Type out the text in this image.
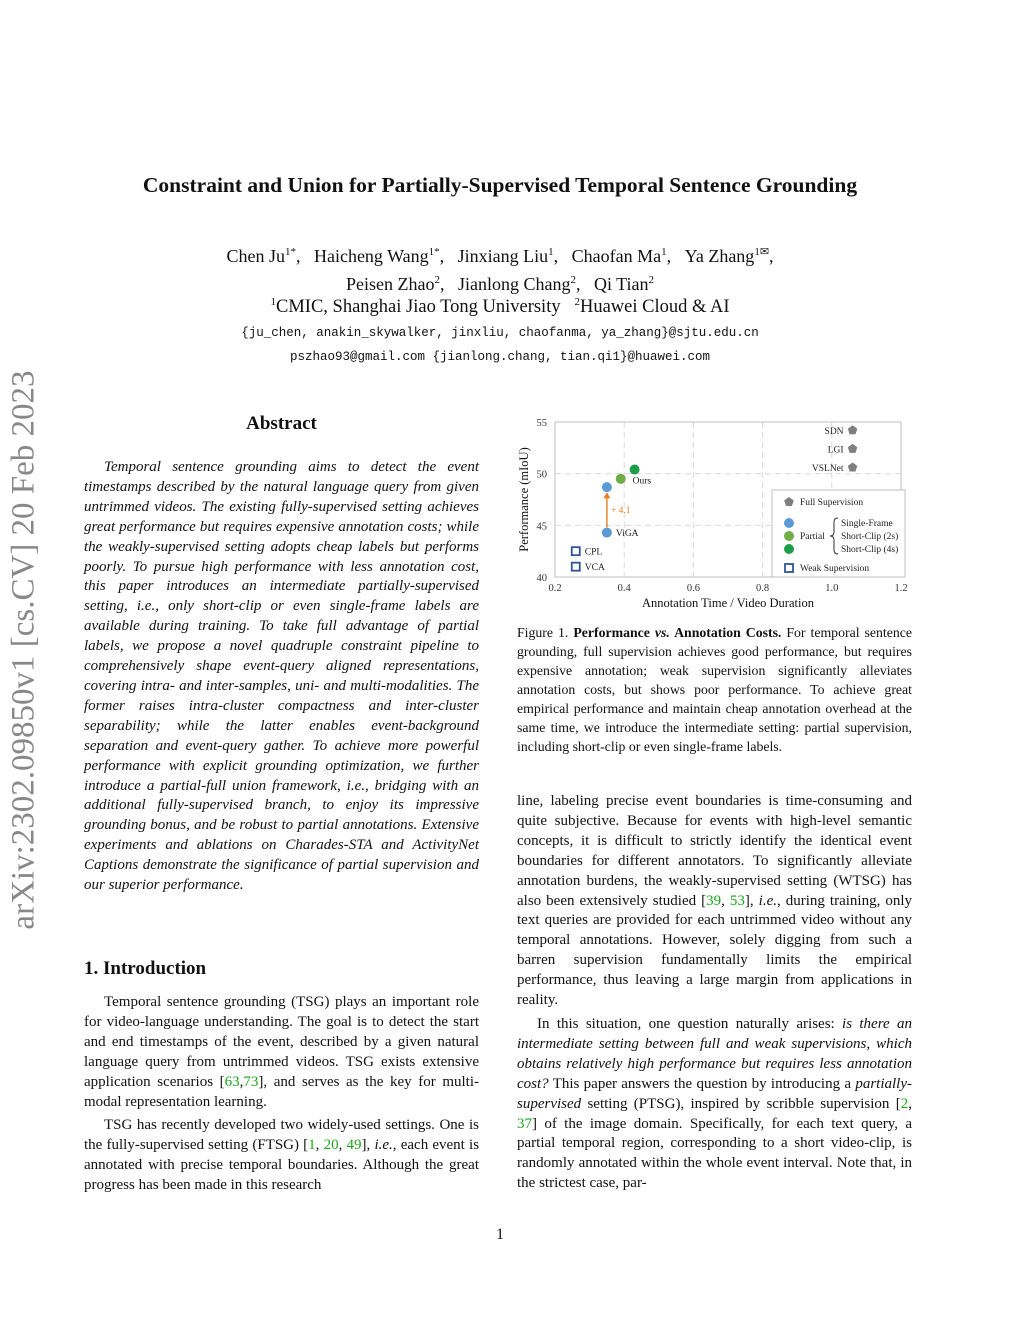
arXiv:2302.09850v1 [cs.CV] 20 Feb 2023
Constraint and Union for Partially-Supervised Temporal Sentence Grounding
Chen $Ju^{1*}$,   Haicheng Wang$^{1*}$,   Jinxiang Liu$^1$,   Chaofan Ma$^1$,   Ya Zhang$^{1✉}$,
Peisen Zhao$^2$,   Jianlong Chang$^2$,   Qi Tian$^2$
$^1$CMIC, Shanghai Jiao Tong University $^2$Huawei Cloud & AI
{ju_chen, anakin_skywalker, jinxliu, chaofanma, ya_zhang}@sjtu.edu.cn
pszhao93@gmail.com {jianlong.chang, tian.qi1}@huawei.com
Abstract

Temporal sentence grounding aims to detect the event timestamps described by the natural language query from given untrimmed videos. The existing fully-supervised setting achieves great performance but requires expensive annotation costs; while the weakly-supervised setting adopts cheap labels but performs poorly. To pursue high performance with less annotation cost, this paper introduces an intermediate partially-supervised setting, i.e., only short-clip or even single-frame labels are available during training. To take full advantage of partial labels, we propose a novel quadruple constraint pipeline to comprehensively shape event-query aligned representations, covering intra- and inter-samples, uni- and multi-modalities. The former raises intra-cluster compactness and inter-cluster separability; while the latter enables event-background separation and event-query gather. To achieve more powerful performance with explicit grounding optimization, we further introduce a partial-full union framework, i.e., bridging with an additional fully-supervised branch, to enjoy its impressive grounding bonus, and be robust to partial annotations. Extensive experiments and ablations on Charades-STA and ActivityNet Captions demonstrate the significance of partial supervision and our superior performance.

1. Introduction

Temporal sentence grounding (TSG) plays an important role for video-language understanding. The goal is to detect the start and end timestamps of the event, described by a given natural language query from untrimmed videos. TSG exists extensive application scenarios [63,73], and serves as the key for multi-modal representation learning.

TSG has recently developed two widely-used settings. One is the fully-supervised setting (FTSG) [1, 20, 49], i.e., each event is annotated with precise temporal boundaries. Although the great progress has been made in this research

0.2	0.4	0.6	0.8	1.0	1.2
40
45
50
55
Annotation Time / Video Duration
Performance (mIoU)	Full Supervision
Partial
Single-Frame
Short-Clip (2s)
Short-Clip (4s)
Weak Supervision
+ 4.1
SDN
LGI
VSLNet
Ours
ViGA
CPL
VCA
Figure 1. Performance vs. Annotation Costs. For temporal sentence grounding, full supervision achieves good performance, but requires expensive annotation; weak supervision significantly alleviates annotation costs, but shows poor performance. To achieve great empirical performance and maintain cheap annotation overhead at the same time, we introduce the intermediate setting: partial supervision, including short-clip or even single-frame labels.

line, labeling precise event boundaries is time-consuming and quite subjective. Because for events with high-level semantic concepts, it is difficult to strictly identify the identical event boundaries for different annotators. To significantly alleviate annotation burdens, the weakly-supervised setting (WTSG) has also been extensively studied [39, 53], i.e., during training, only text queries are provided for each untrimmed video without any temporal annotations. However, solely digging from such a barren supervision fundamentally limits the empirical performance, thus leaving a large margin from applications in reality.

In this situation, one question naturally arises: is there an intermediate setting between full and weak supervisions, which obtains relatively high performance but requires less annotation cost? This paper answers the question by introducing a partially-supervised setting (PTSG), inspired by scribble supervision [2, 37] of the image domain. Specifically, for each text query, a partial temporal region, corresponding to a short video-clip, is randomly annotated within the whole event interval. Note that, in the strictest case, par-

1
